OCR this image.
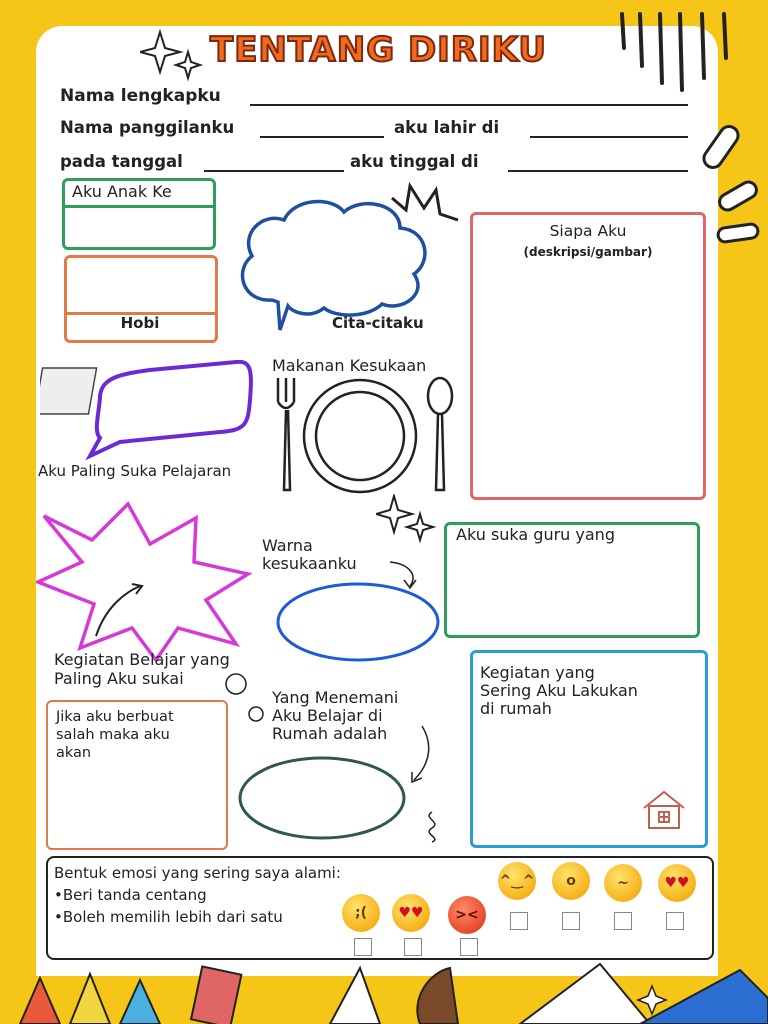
TENTANG DIRIKU
Nama lengkapku
Nama panggilanku	aku lahir di
pada tanggal	aku tinggal di
Aku Anak Ke
Hobi	Cita-citaku
Siapa Aku
(deskripsi/gambar)
Makanan Kesukaan
Aku Paling Suka Pelajaran
Warna
kesukaanku
Aku suka guru yang
Kegiatan Belajar yang
Paling Aku sukai	Kegiatan yang
Sering Aku Lakukan
di rumah
Jika aku berbuat
salah maka aku
akan
Yang Menemani
Aku Belajar di
Rumah adalah
Bentuk emosi yang sering saya alami:
•Beri tanda centang
•Boleh memilih lebih dari satu	;(	♥♥	><
^‿^	o	~	♥♥
